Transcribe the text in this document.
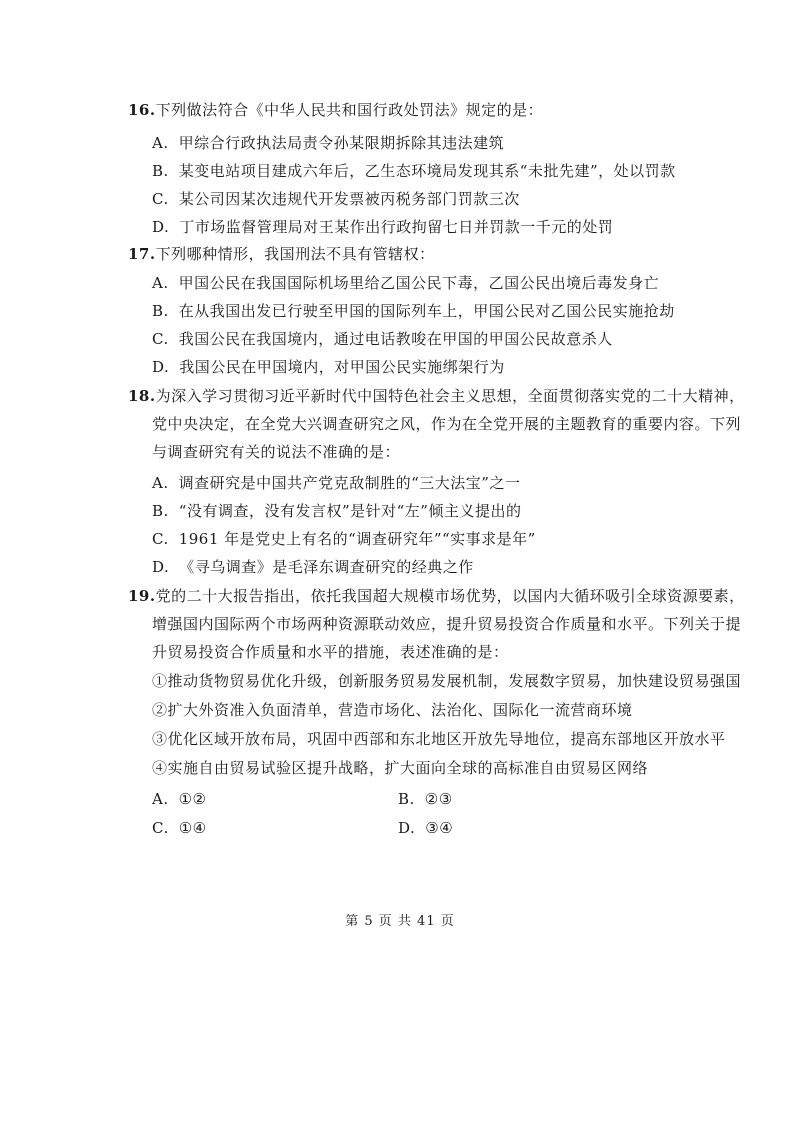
16.下列做法符合《中华人民共和国行政处罚法》规定的是：
A. 甲综合行政执法局责令孙某限期拆除其违法建筑
B. 某变电站项目建成六年后，乙生态环境局发现其系“未批先建”，处以罚款
C. 某公司因某次违规代开发票被丙税务部门罚款三次
D. 丁市场监督管理局对王某作出行政拘留七日并罚款一千元的处罚
17.下列哪种情形，我国刑法不具有管辖权：
A. 甲国公民在我国国际机场里给乙国公民下毒，乙国公民出境后毒发身亡
B. 在从我国出发已行驶至甲国的国际列车上，甲国公民对乙国公民实施抢劫
C. 我国公民在我国境内，通过电话教唆在甲国的甲国公民故意杀人
D. 我国公民在甲国境内，对甲国公民实施绑架行为
18.为深入学习贯彻习近平新时代中国特色社会主义思想，全面贯彻落实党的二十大精神，
党中央决定，在全党大兴调查研究之风，作为在全党开展的主题教育的重要内容。下列
与调查研究有关的说法不准确的是：
A. 调查研究是中国共产党克敌制胜的“三大法宝”之一
B. “没有调查，没有发言权”是针对“左”倾主义提出的
C. 1961 年是党史上有名的“调查研究年”“实事求是年”
D. 《寻乌调查》是毛泽东调查研究的经典之作
19.党的二十大报告指出，依托我国超大规模市场优势，以国内大循环吸引全球资源要素，
增强国内国际两个市场两种资源联动效应，提升贸易投资合作质量和水平。下列关于提
升贸易投资合作质量和水平的措施，表述准确的是：
①推动货物贸易优化升级，创新服务贸易发展机制，发展数字贸易，加快建设贸易强国
②扩大外资准入负面清单，营造市场化、法治化、国际化一流营商环境
③优化区域开放布局，巩固中西部和东北地区开放先导地位，提高东部地区开放水平
④实施自由贸易试验区提升战略，扩大面向全球的高标准自由贸易区网络
A. ①②	B. ②③
C. ①④	D. ③④
第 5 页 共 41 页
